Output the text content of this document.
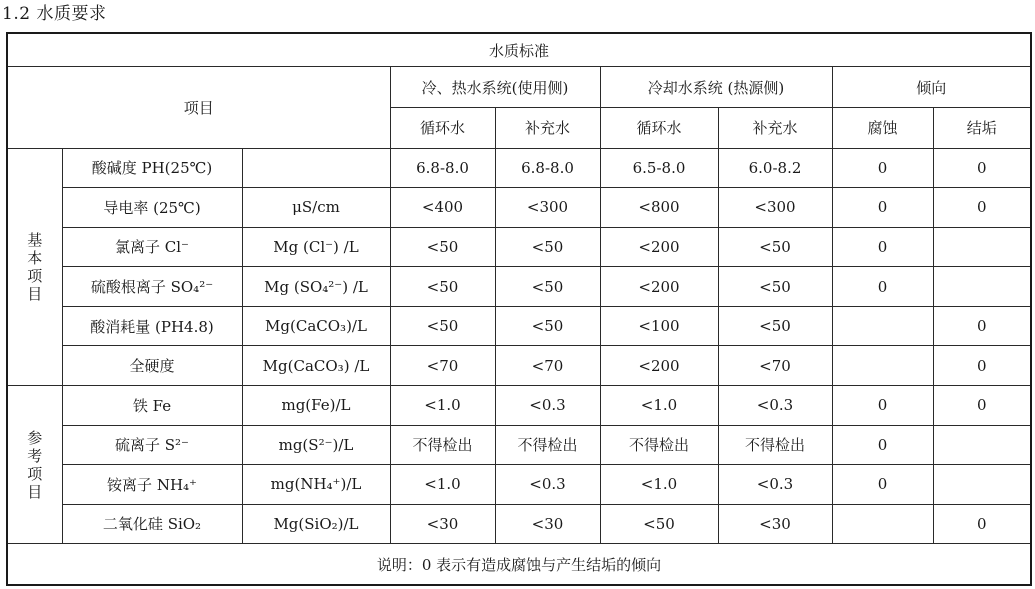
1.2 水质要求
水质标准								
项目			冷、热水系统(使用侧)		冷却水系统 (热源侧)		倾向	
			循环水	补充水	循环水	补充水	腐蚀	结垢

基
本
项
目	酸碱度 PH(25℃)		6.8-8.0	6.8-8.0	6.5-8.0	6.0-8.2	0	0
	导电率 (25℃)	μS/cm	<400	<300	<800	<300	0	0
	氯离子 Cl⁻	Mg (Cl⁻) /L	<50	<50	<200	<50	0	
	硫酸根离子 SO₄²⁻	Mg (SO₄²⁻) /L	<50	<50	<200	<50	0	
	酸消耗量 (PH4.8)	Mg(CaCO₃)/L	<50	<50	<100	<50		0
	全硬度	Mg(CaCO₃) /L	<70	<70	<200	<70		0

参
考
项
目	铁 Fe	mg(Fe)/L	<1.0	<0.3	<1.0	<0.3	0	0
	硫离子 S²⁻	mg(S²⁻)/L	不得检出	不得检出	不得检出	不得检出	0	
	铵离子 NH₄⁺	mg(NH₄⁺)/L	<1.0	<0.3	<1.0	<0.3	0	
	二氧化硅 SiO₂	Mg(SiO₂)/L	<30	<30	<50	<30		0
说明：0 表示有造成腐蚀与产生结垢的倾向								
